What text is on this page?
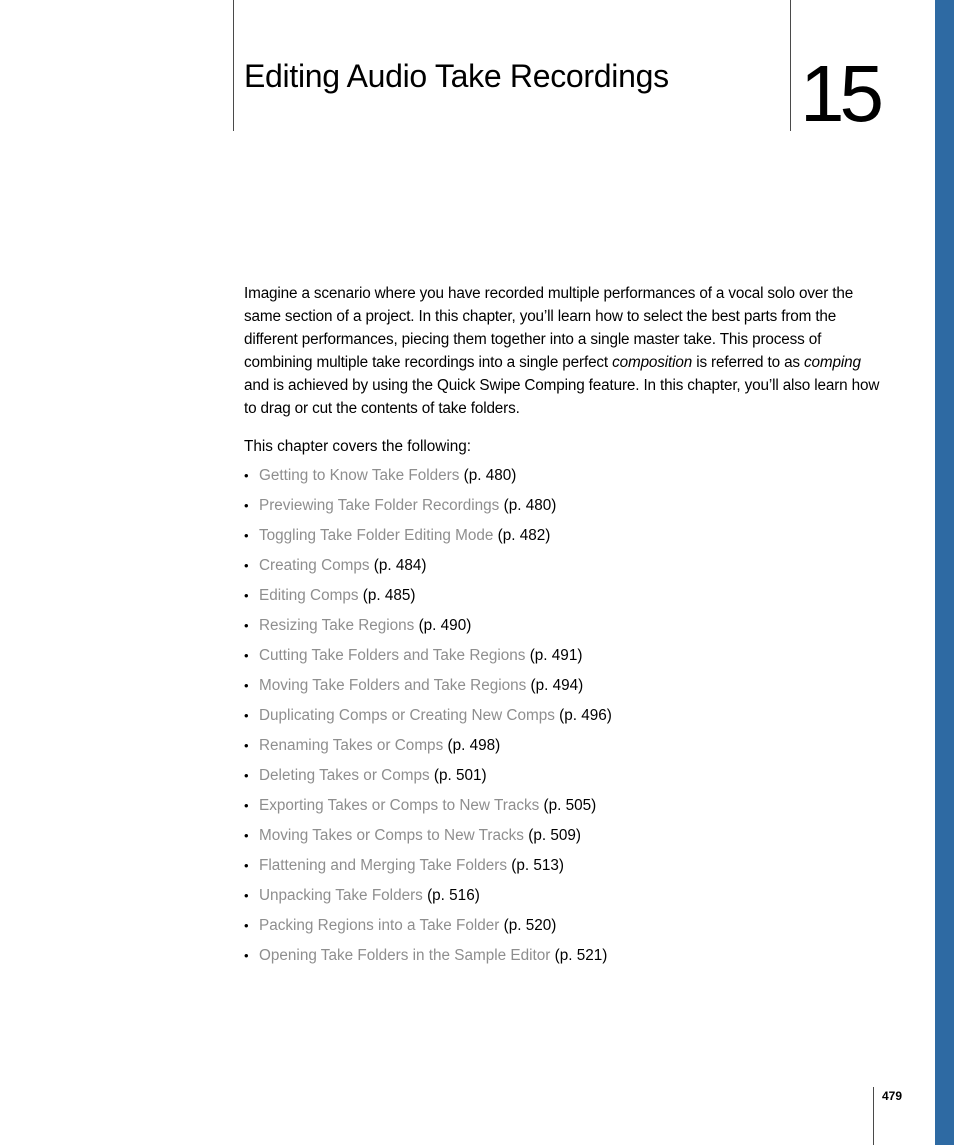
Editing Audio Take Recordings 15

Imagine a scenario where you have recorded multiple performances of a vocal solo over the same section of a project. In this chapter, you’ll learn how to select the best parts from the different performances, piecing them together into a single master take. This process of combining multiple take recordings into a single perfect composition is referred to as comping and is achieved by using the Quick Swipe Comping feature. In this chapter, you’ll also learn how to drag or cut the contents of take folders.

This chapter covers the following:

• Getting to Know Take Folders (p. 480)
• Previewing Take Folder Recordings (p. 480)
• Toggling Take Folder Editing Mode (p. 482)
• Creating Comps (p. 484)
• Editing Comps (p. 485)
• Resizing Take Regions (p. 490)
• Cutting Take Folders and Take Regions (p. 491)
• Moving Take Folders and Take Regions (p. 494)
• Duplicating Comps or Creating New Comps (p. 496)
• Renaming Takes or Comps (p. 498)
• Deleting Takes or Comps (p. 501)
• Exporting Takes or Comps to New Tracks (p. 505)
• Moving Takes or Comps to New Tracks (p. 509)
• Flattening and Merging Take Folders (p. 513)
• Unpacking Take Folders (p. 516)
• Packing Regions into a Take Folder (p. 520)
• Opening Take Folders in the Sample Editor (p. 521)
479
